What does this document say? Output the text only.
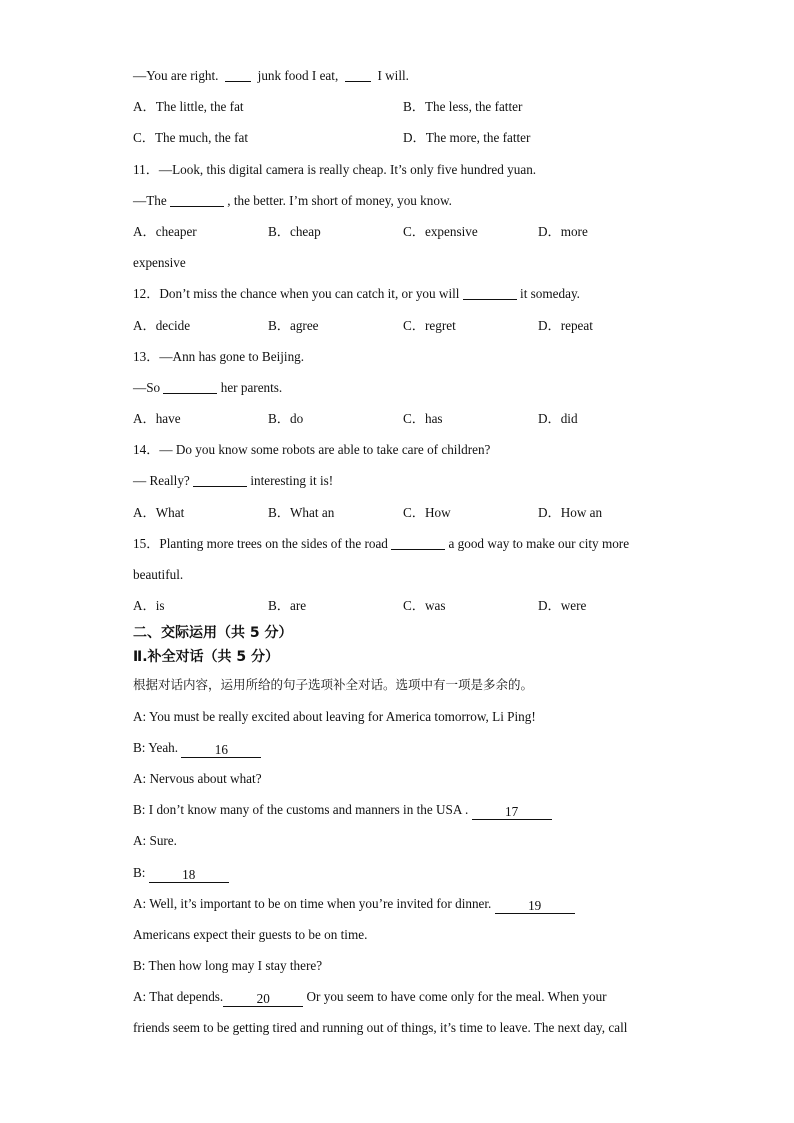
—You are right.	junk food I eat,	I will.
A．The little, the fat	B．The less, the fatter
C．The much, the fat	D．The more, the fatter
11．—Look, this digital camera is really cheap. It’s only five hundred yuan.
—The	, the better. I’m short of money, you know.
A．cheaper	B．cheap	C．expensive	D．more
expensive
12．Don’t miss the chance when you can catch it, or you will	it someday.
A．decide	B．agree	C．regret	D．repeat
13．—Ann has gone to Beijing.
—So	her parents.
A．have	B．do	C．has	D．did
14．— Do you know some robots are able to take care of children?
— Really?	interesting it is!
A．What	B．What an	C．How	D．How an
15．Planting more trees on the sides of the road	a good way to make our city more
beautiful.
A．is	B．are	C．was	D．were
二、交际运用（共 5 分）
Ⅱ.补全对话（共 5 分）
根据对话内容，运用所给的句子选项补全对话。选项中有一项是多余的。
A: You must be really excited about leaving for America tomorrow, Li Ping!
B: Yeah.	16
A: Nervous about what?
B: I don’t know many of the customs and manners in the USA .	17
A: Sure.
B:	18
A: Well, it’s important to be on time when you’re invited for dinner.	19
Americans expect their guests to be on time.
B: Then how long may I stay there?
A: That depends.	20	Or you seem to have come only for the meal. When your
friends seem to be getting tired and running out of things, it’s time to leave. The next day, call
